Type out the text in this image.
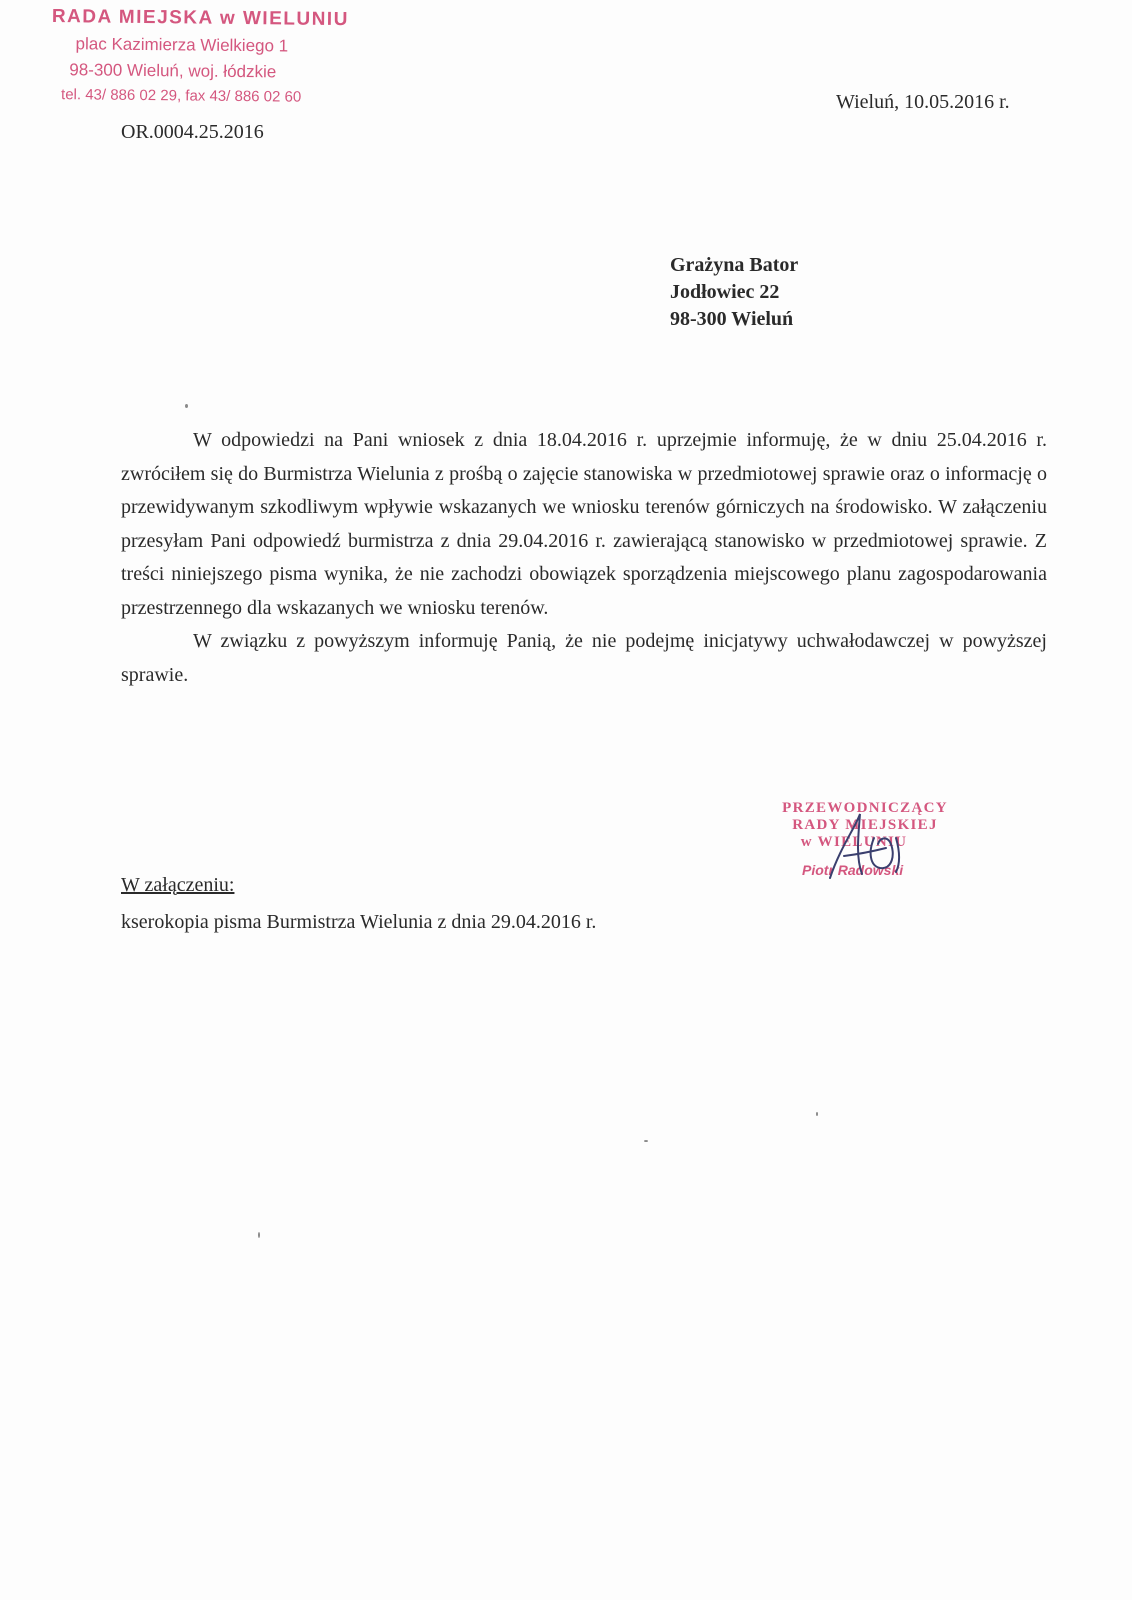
RADA MIEJSKA w WIELUNIU
plac Kazimierza Wielkiego 1
98-300 Wieluń, woj. łódzkie
tel. 43/ 886 02 29, fax 43/ 886 02 60
OR.0004.25.2016
Wieluń, 10.05.2016 r.
Grażyna Bator
Jodłowiec 22
98-300 Wieluń

W odpowiedzi na Pani wniosek z dnia 18.04.2016 r. uprzejmie informuję, że w dniu 25.04.2016 r. zwróciłem się do Burmistrza Wielunia z prośbą o zajęcie stanowiska w przedmiotowej sprawie oraz o informację o przewidywanym szkodliwym wpływie wskazanych we wniosku terenów górniczych na środowisko. W załączeniu przesyłam Pani odpowiedź burmistrza z dnia 29.04.2016 r. zawierającą stanowisko w przedmiotowej sprawie. Z treści niniejszego pisma wynika, że nie zachodzi obowiązek sporządzenia miejscowego planu zagospodarowania przestrzennego dla wskazanych we wniosku terenów.

W związku z powyższym informuję Panią, że nie podejmę inicjatywy uchwałodawczej w powyższej sprawie.

PRZEWODNICZĄCY
RADY MIEJSKIEJ
w WIELUNIU
Piotr Radowski
W załączeniu:
kserokopia pisma Burmistrza Wielunia z dnia 29.04.2016 r.
